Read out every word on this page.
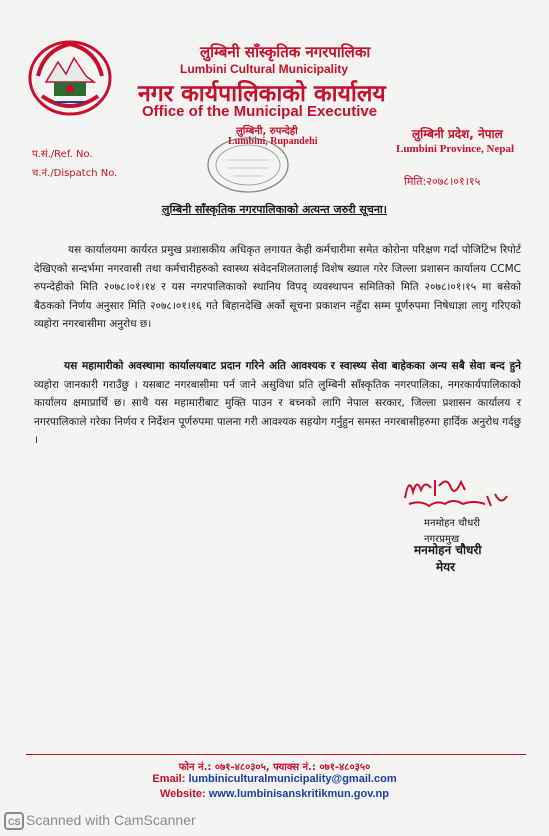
लुम्बिनी साँस्कृतिक नगरपालिका
Lumbini Cultural Municipality
नगर कार्यपालिकाको कार्यालय
Office of the Municipal Executive
लुम्बिनी, रुपन्देही
Lumbini, Rupandehi
लुम्बिनी प्रदेश, नेपाल
Lumbini Province, Nepal
प.सं./Ref. No.
च.नं./Dispatch No.
मिति:२०७८।०१।१५
लुम्बिनी साँस्कृतिक नगरपालिकाको अत्यन्त जरुरी सूचना।
यस कार्यालयमा कार्यरत प्रमुख प्रशासकीय अधिकृत लगायत केही कर्मचारीमा समेत कोरोना परिक्षण गर्दा पोजिटिभ रिपोर्ट देखिएको सन्दर्भमा नगरवासी तथा कर्मचारीहरुको स्वास्थ्य संवेदनशिलतालाई विशेष ख्याल गरेर जिल्ला प्रशासन कार्यालय CCMC रुपन्देहीको मिति २०७८।०१।१४ र यस नगरपालिकाको स्थानिय विपद् व्यवस्थापन समितिको मिति २०७८।०१।१५ मा बसेको बैठकको निर्णय अनुसार मिति २०७८।०१।१६ गते बिहानदेखि अर्को सूचना प्रकाशन नहुँदा सम्म पूर्णरुपमा निषेधाज्ञा लागु गरिएको व्यहोरा नगरबासीमा अनुरोध छ।
यस महामारीको अवस्थामा कार्यालयबाट प्रदान गरिने अति आवश्यक र स्वास्थ्य सेवा बाहेकका अन्य सबै सेवा बन्द हुने व्यहोरा जानकारी गराउँछु । यसबाट नगरबासीमा पर्न जाने असुविधा प्रति लुम्बिनी साँस्कृतिक नगरपालिका, नगरकार्यपालिकाको कार्यालय क्षमाप्रार्थि छ। साथै यस महामारीबाट मुक्ति पाउन र बच्नको लागि नेपाल सरकार, जिल्ला प्रशासन कार्यालय र नगरपालिकाले गरेका निर्णय र निर्देशन पूर्णरुपमा पालना गरी आवश्यक सहयोग गर्नुहुन समस्त नगरबासीहरुमा हार्दिक अनुरोध गर्दछु ।
मनमोहन चौधरी
नगरप्रमुख
मनमोहन चौधरी
मेयर
फोन नं.: ०७१-४८०३०५, फ्याक्स नं.: ०७१-४८०३५०
Email: lumbiniculturalmunicipality@gmail.com
Website: www.lumbinisanskritikmun.gov.np
CS Scanned with CamScanner
